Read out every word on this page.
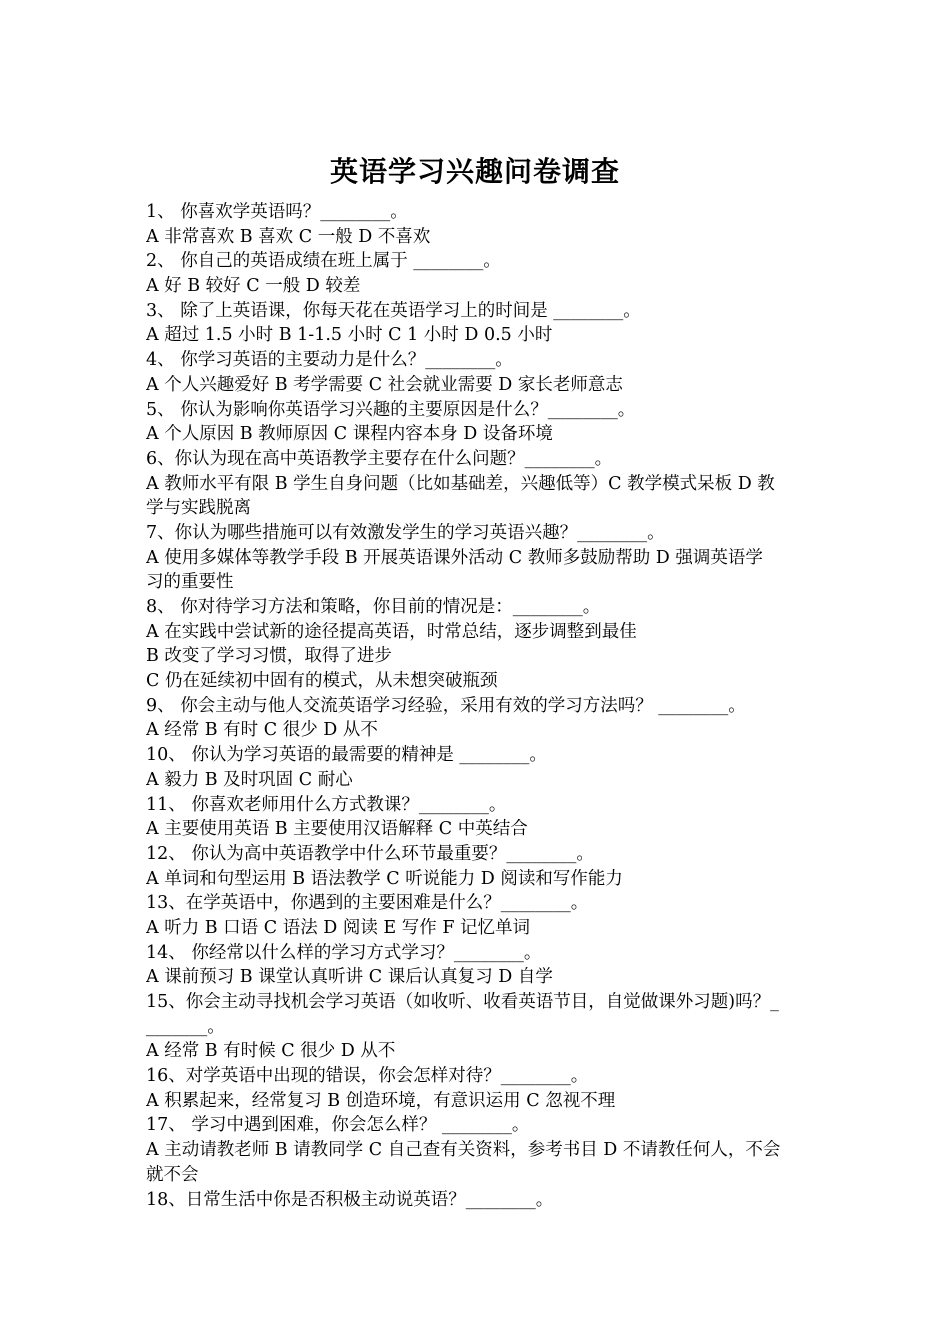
英语学习兴趣问卷调查
1、 你喜欢学英语吗？________。
A 非常喜欢 B 喜欢 C 一般 D 不喜欢
2、 你自己的英语成绩在班上属于 ________。
A 好 B 较好 C 一般 D 较差
3、 除了上英语课，你每天花在英语学习上的时间是 ________。
A 超过 1.5 小时 B 1-1.5 小时 C 1 小时 D 0.5 小时
4、 你学习英语的主要动力是什么？________。
A 个人兴趣爱好 B 考学需要 C 社会就业需要 D 家长老师意志
5、 你认为影响你英语学习兴趣的主要原因是什么？________。
A 个人原因 B 教师原因 C 课程内容本身 D 设备环境
6、你认为现在高中英语教学主要存在什么问题？________。
A 教师水平有限 B 学生自身问题（比如基础差，兴趣低等）C 教学模式呆板 D 教
学与实践脱离
7、你认为哪些措施可以有效激发学生的学习英语兴趣？________。
A 使用多媒体等教学手段 B 开展英语课外活动 C 教师多鼓励帮助 D 强调英语学
习的重要性
8、 你对待学习方法和策略，你目前的情况是：________。
A 在实践中尝试新的途径提高英语，时常总结，逐步调整到最佳
B 改变了学习习惯，取得了进步
C 仍在延续初中固有的模式，从未想突破瓶颈
9、 你会主动与他人交流英语学习经验，采用有效的学习方法吗？ ________。
A 经常 B 有时 C 很少 D 从不
10、 你认为学习英语的最需要的精神是 ________。
A 毅力 B 及时巩固 C 耐心
11、 你喜欢老师用什么方式教课？________。
A 主要使用英语 B 主要使用汉语解释 C 中英结合
12、 你认为高中英语教学中什么环节最重要？________。
A 单词和句型运用 B 语法教学 C 听说能力 D 阅读和写作能力
13、在学英语中，你遇到的主要困难是什么？________。
A 听力 B 口语 C 语法 D 阅读 E 写作 F 记忆单词
14、 你经常以什么样的学习方式学习？________。
A 课前预习 B 课堂认真听讲 C 课后认真复习 D 自学
15、你会主动寻找机会学习英语（如收听、收看英语节目，自觉做课外习题)吗？_
_______。
A 经常 B 有时候 C 很少 D 从不
16、对学英语中出现的错误，你会怎样对待？________。
A 积累起来，经常复习 B 创造环境，有意识运用 C 忽视不理
17、 学习中遇到困难，你会怎么样？ ________。
A 主动请教老师 B 请教同学 C 自己查有关资料，参考书目 D 不请教任何人，不会
就不会
18、日常生活中你是否积极主动说英语？________。
